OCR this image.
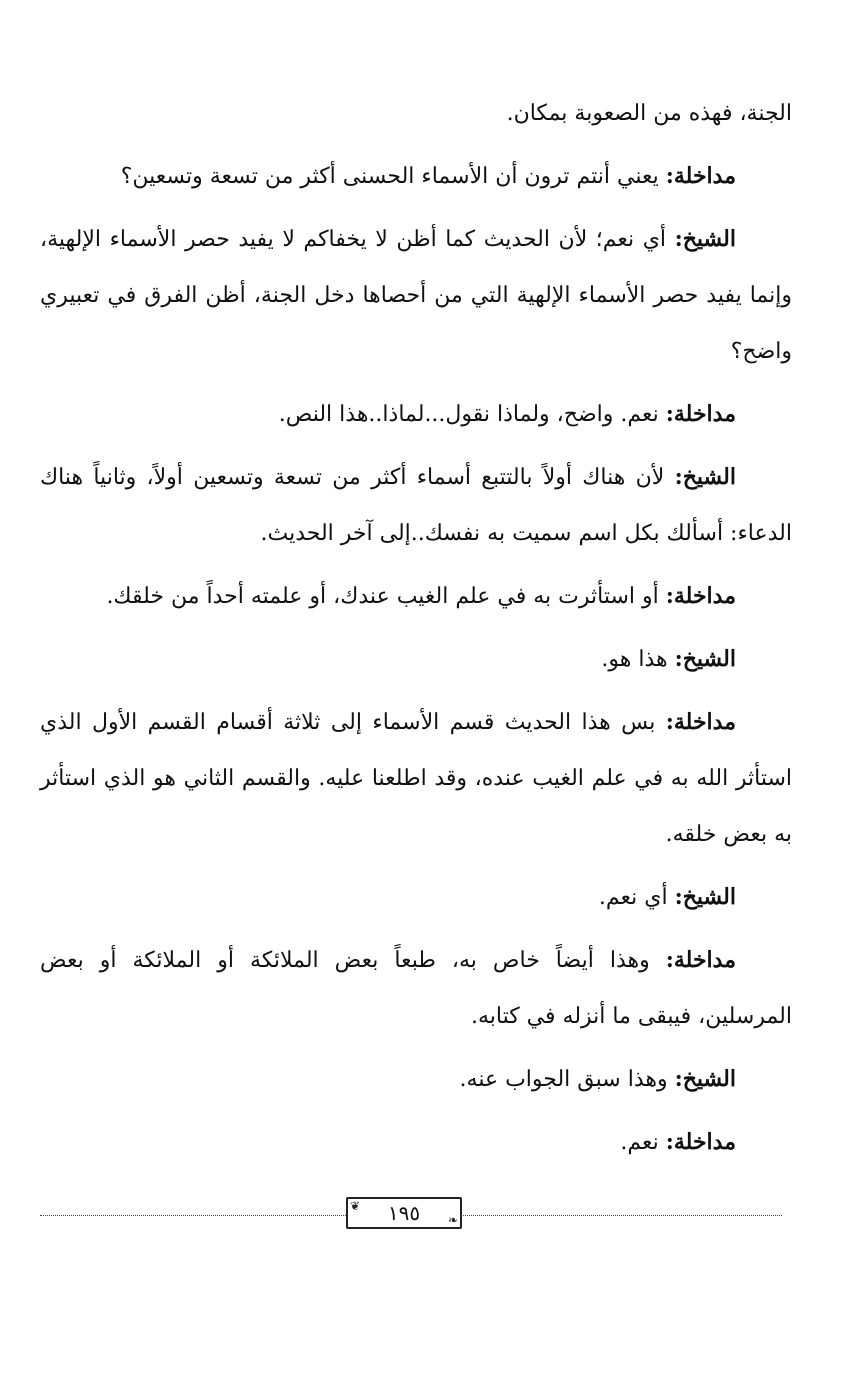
الجنة، فهذه من الصعوبة بمكان.

مداخلة: يعني أنتم ترون أن الأسماء الحسنى أكثر من تسعة وتسعين؟

الشيخ: أي نعم؛ لأن الحديث كما أظن لا يخفاكم لا يفيد حصر الأسماء الإلهية، وإنما يفيد حصر الأسماء الإلهية التي من أحصاها دخل الجنة، أظن الفرق في تعبيري واضح؟

مداخلة: نعم. واضح، ولماذا نقول...لماذا..هذا النص.

الشيخ: لأن هناك أولاً بالتتبع أسماء أكثر من تسعة وتسعين أولاً، وثانياً هناك الدعاء: أسألك بكل اسم سميت به نفسك..إلى آخر الحديث.

مداخلة: أو استأثرت به في علم الغيب عندك، أو علمته أحداً من خلقك.

الشيخ: هذا هو.

مداخلة: بس هذا الحديث قسم الأسماء إلى ثلاثة أقسام القسم الأول الذي استأثر الله به في علم الغيب عنده، وقد اطلعنا عليه. والقسم الثاني هو الذي استأثر به بعض خلقه.

الشيخ: أي نعم.

مداخلة: وهذا أيضاً خاص به، طبعاً بعض الملائكة أو الملائكة أو بعض المرسلين، فيبقى ما أنزله في كتابه.

الشيخ: وهذا سبق الجواب عنه.

مداخلة: نعم.

❦ ١٩٥ ❧
